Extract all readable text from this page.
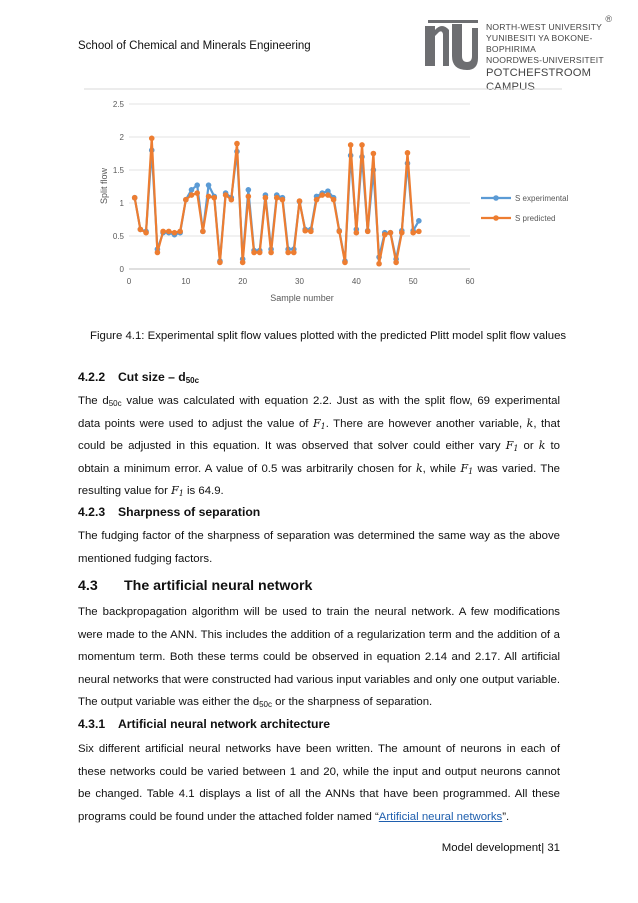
School of Chemical and Minerals Engineering
NORTH-WEST UNIVERSITY
YUNIBESITI YA BOKONE-BOPHIRIMA
NOORDWES-UNIVERSITEIT
POTCHEFSTROOM CAMPUS
®
0
0.5
1
1.5
2
2.5
0	10	20	30	40	50	60
Sample number
Split flow	S experimental
S predicted
Figure 4.1: Experimental split flow values plotted with the predicted Plitt model split flow values
4.2.2 Cut size – $d_{50c}$

The $d_{50c}$ value was calculated with equation 2.2. Just as with the split flow, 69 experimental data points were used to adjust the value of $F_1$. There are however another variable, k, that could be adjusted in this equation. It was observed that solver could either vary $F_1$ or k to obtain a minimum error. A value of 0.5 was arbitrarily chosen for k, while $F_1$ was varied. The resulting value for $F_1$ is 64.9.

4.2.3 Sharpness of separation

The fudging factor of the sharpness of separation was determined the same way as the above mentioned fudging factors.

4.3 The artificial neural network

The backpropagation algorithm will be used to train the neural network. A few modifications were made to the ANN. This includes the addition of a regularization term and the addition of a momentum term. Both these terms could be observed in equation 2.14 and 2.17. All artificial neural networks that were constructed had various input variables and only one output variable. The output variable was either the $d_{50c}$ or the sharpness of separation.

4.3.1 Artificial neural network architecture

Six different artificial neural networks have been written. The amount of neurons in each of these networks could be varied between 1 and 20, while the input and output neurons cannot be changed. Table 4.1 displays a list of all the ANNs that have been programmed. All these programs could be found under the attached folder named “Artificial neural networks”.

Model development| 31
